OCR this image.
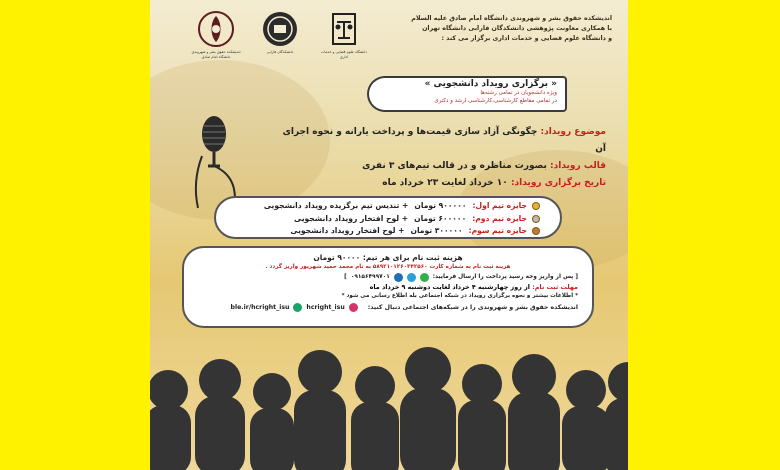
اندیشکده حقوق بشر و شهروندی دانشگاه امام صادق علیه السلام
با همکاری معاونت پژوهشی دانشکدگان فارابی دانشگاه تهران
و دانشگاه علوم قضایی و خدمات اداری برگزار می کند :
اندیشکده حقوق بشر و شهروندی دانشگاه امام صادق
دانشکدگان فارابی	دانشگاه علوم قضایی و خدمات اداری
« برگزاری رویداد دانشجویی »
ویژه دانشجویان در تمامی رشته‌ها
در تمامی مقاطع کارشناسی،کارشناسی ارشد و دکتری
موضوع رویداد: چگونگی آزاد سازی قیمت‌ها و پرداخت یارانه و نحوه اجرای آن
قالب رویداد: بصورت مناظره و در قالب تیم‌های ۳ نفری
تاریخ برگزاری رویداد: ۱۰ خرداد لغایت ۲۳ خرداد ماه
جایزه تیم اول:
۹۰۰۰۰۰ تومان
+ تندیس تیم برگزیده رویداد دانشجویی
جایزه تیم دوم:
۶۰۰۰۰۰ تومان
+ لوح افتخار رویداد دانشجویی
جایزه تیم سوم:
۳۰۰۰۰۰ تومان
+ لوح افتخار رویداد دانشجویی
هزینه ثبت نام برای هر تیم: ۹۰۰۰۰ تومان
هزینه ثبت نام به شماره کارت ۵۸۹۲۱۰۱۲۶۰۳۴۲۵۶۰ به نام محمد حمید شهریور واریز گردد .
[ پس از واریز وجه رسید پرداخت را ارسال فرمایید:
۰۹۱۵۶۴۹۹۷۰۱
]
مهلت ثبت نام: از روز چهارشنبه ۴ خرداد لغایت دوشنبه ۹ خرداد ماه
* اطلاعات بیشتر و نحوه برگزاری رویداد در شبکه اجتماعی بله اطلاع رسانی می شود *
اندیشکده حقوق بشر و شهروندی را در شبکه‌های اجتماعی دنبال کنید:
hcright_isu
ble.ir/hcright_isu
